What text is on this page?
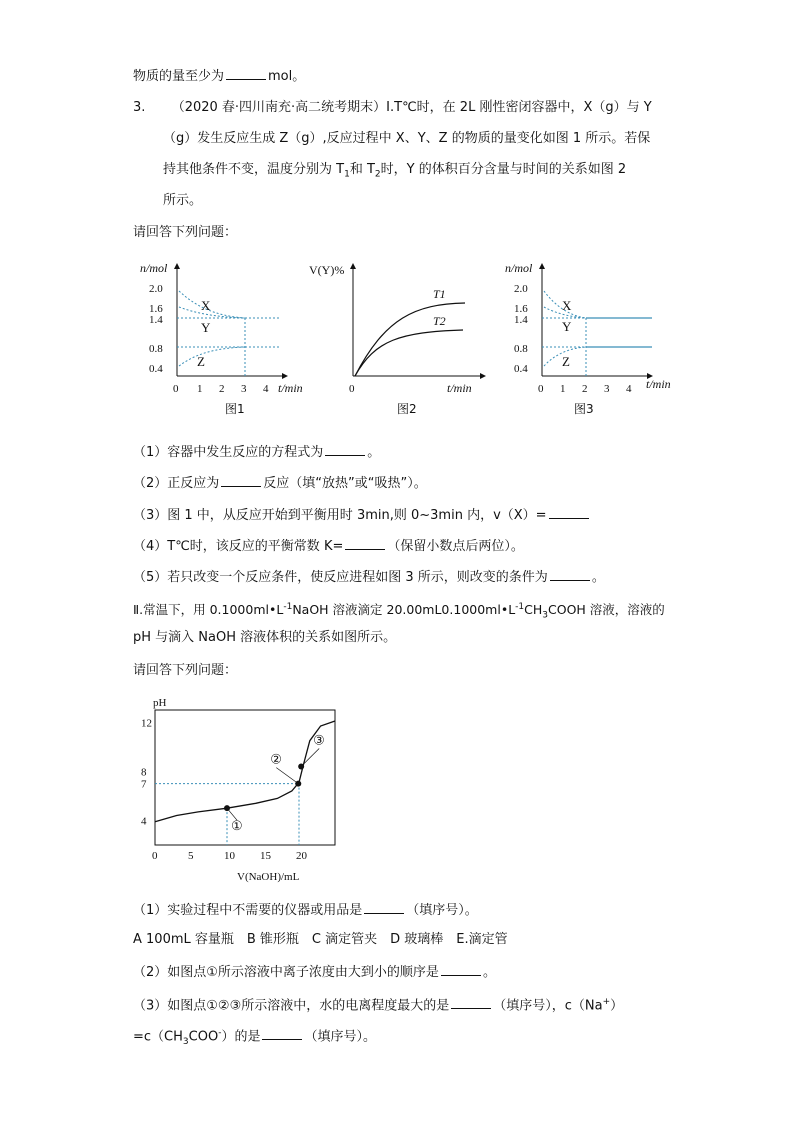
物质的量至少为	mol。
3. （2020 春·四川南充·高二统考期末）Ⅰ.T℃时，在 2L 刚性密闭容器中，X（g）与 Y
（g）发生反应生成 Z（g）,反应过程中 X、Y、Z 的物质的量变化如图 1 所示。若保
持其他条件不变，温度分别为 $T_1$和 $T_2$时，Y 的体积百分含量与时间的关系如图 2
所示。
请回答下列问题：
n/mol
t/min
2.0
1.6
1.4
0.8
0.4
0 1 2 3 4
X
Y
Z
图1
V(Y)%
t/min
0
T1
T2
图2
n/mol
t/min
2.0
1.6
1.4
0.8
0.4
0 1 2 3 4
X
Y
Z
图3
（1）容器中发生反应的方程式为	。
（2）正反应为	反应（填“放热”或“吸热”）。
（3）图 1 中，从反应开始到平衡用时 3min,则 0~3min 内，v（X）=
（4）T℃时，该反应的平衡常数 K=	（保留小数点后两位）。
（5）若只改变一个反应条件，使反应进程如图 3 所示，则改变的条件为	。
Ⅱ.常温下，用 $0.1000ml•L^{-1}NaOH$ 溶液滴定 $20.00mL0.1000ml•L^{-1}CH_3COOH$ 溶液，溶液的
pH 与滴入 NaOH 溶液体积的关系如图所示。
请回答下列问题：
pH
V(NaOH)/mL
0	5	10 15 20
4
7
8
12
①
②
③
（1）实验过程中不需要的仪器或用品是	（填序号）。
A 100mL 容量瓶　B 锥形瓶　C 滴定管夹　D 玻璃棒　E.滴定管
（2）如图点①所示溶液中离子浓度由大到小的顺序是	。
（3）如图点①②③所示溶液中，水的电离程度最大的是	（填序号），c（Na+）
$=c(CH_3COO^-)$的是	（填序号）。
